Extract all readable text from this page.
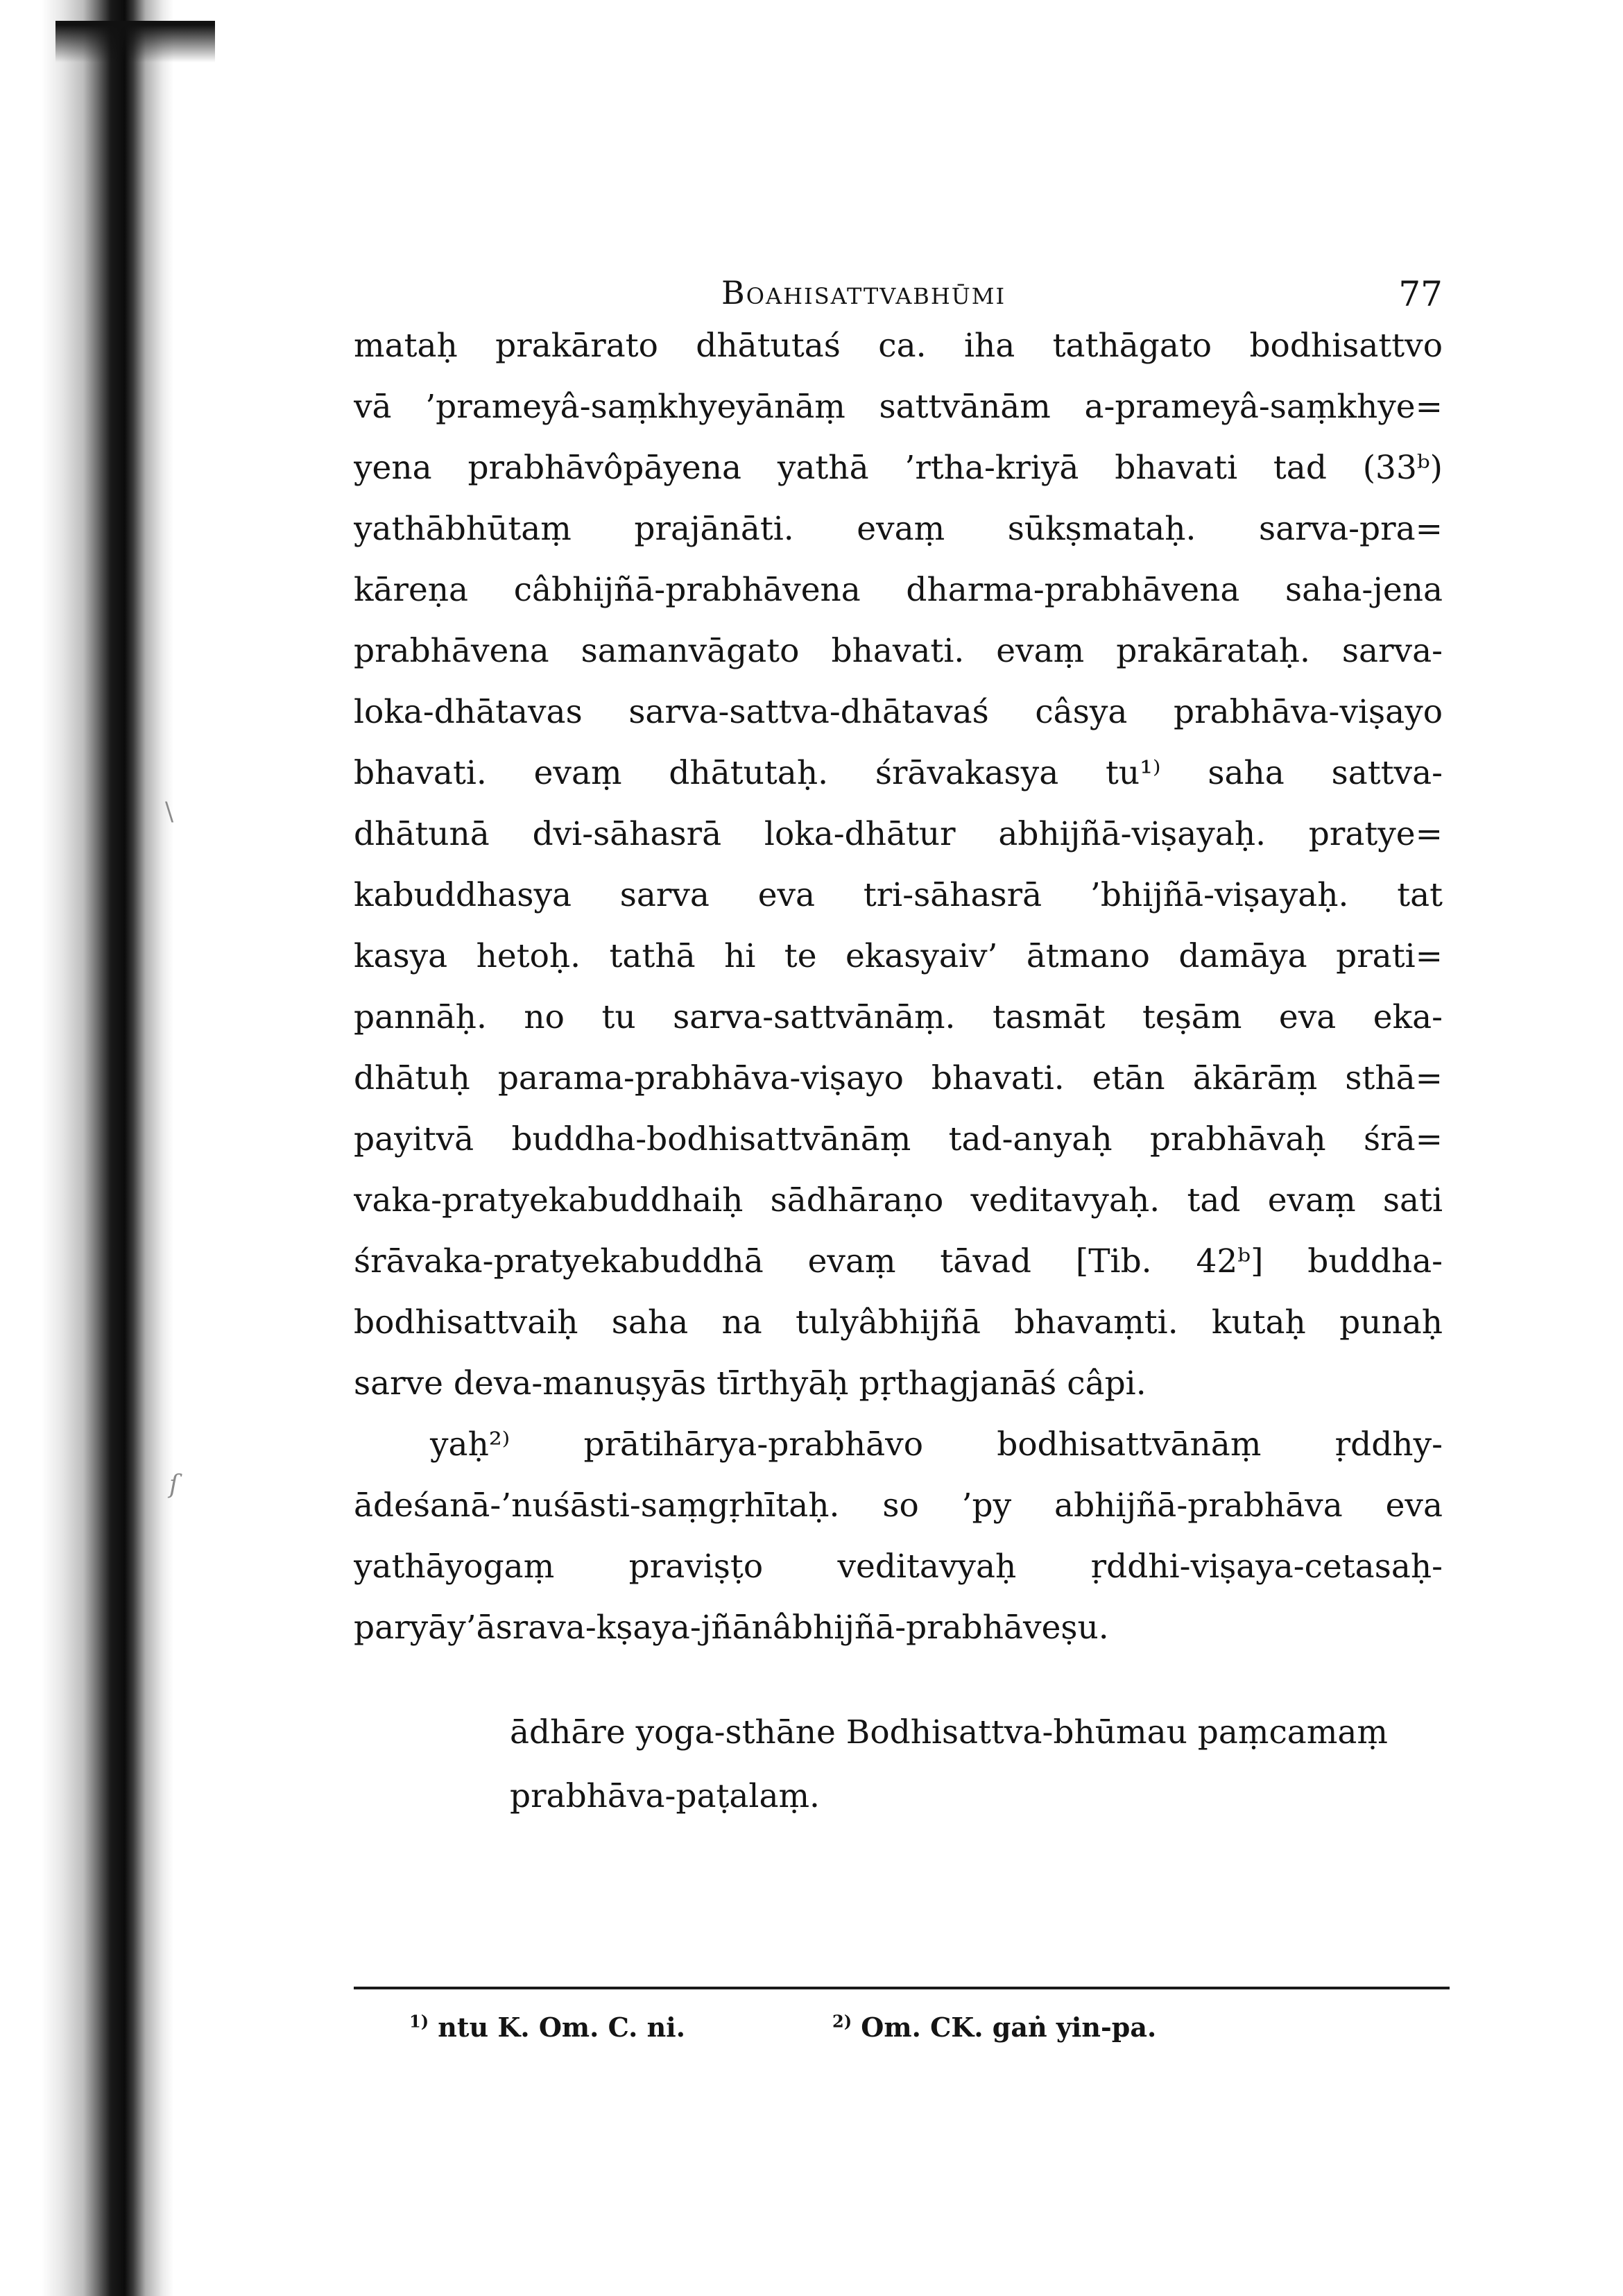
Boahisattvabhūmi	77
mataḥ prakārato dhātutaś ca. iha tathāgato bodhisattvo
vā ’prameyâ-saṃkhyeyānāṃ sattvānām a-prameyâ-saṃkhye=
yena prabhāvôpāyena yathā ’rtha-kriyā bhavati tad (33ᵇ)
yathābhūtaṃ prajānāti. evaṃ sūkṣmataḥ. sarva-pra=
kāreṇa câbhijñā-prabhāvena dharma-prabhāvena saha-jena
prabhāvena samanvāgato bhavati. evaṃ prakārataḥ. sarva-
loka-dhātavas sarva-sattva-dhātavaś câsya prabhāva-viṣayo
bhavati. evaṃ dhātutaḥ. śrāvakasya tu¹⁾ saha sattva-
dhātunā dvi-sāhasrā loka-dhātur abhijñā-viṣayaḥ. pratye=
kabuddhasya sarva eva tri-sāhasrā ’bhijñā-viṣayaḥ. tat
kasya hetoḥ. tathā hi te ekasyaiv’ ātmano damāya prati=
pannāḥ. no tu sarva-sattvānāṃ. tasmāt teṣām eva eka-
dhātuḥ parama-prabhāva-viṣayo bhavati. etān ākārāṃ sthā=
payitvā buddha-bodhisattvānāṃ tad-anyaḥ prabhāvaḥ śrā=
vaka-pratyekabuddhaiḥ sādhāraṇo veditavyaḥ. tad evaṃ sati
śrāvaka-pratyekabuddhā evaṃ tāvad [Tib. 42ᵇ] buddha-
bodhisattvaiḥ saha na tulyâbhijñā bhavaṃti. kutaḥ punaḥ
sarve deva-manuṣyās tīrthyāḥ pṛthagjanāś câpi.
yaḥ²⁾ prātihārya-prabhāvo bodhisattvānāṃ ṛddhy-
ādeśanā-’nuśāsti-saṃgṛhītaḥ. so ’py abhijñā-prabhāva eva
yathāyogaṃ praviṣṭo veditavyaḥ ṛddhi-viṣaya-cetasaḥ-
paryāy’āsrava-kṣaya-jñānâbhijñā-prabhāveṣu.
ādhāre yoga-sthāne Bodhisattva-bhūmau paṃcamaṃ
prabhāva-paṭalaṃ.
$^{1)}$ ntu K. Om. C. ni.	$^{2)}$ Om. CK. gaṅ yin-pa.
\
ſ
